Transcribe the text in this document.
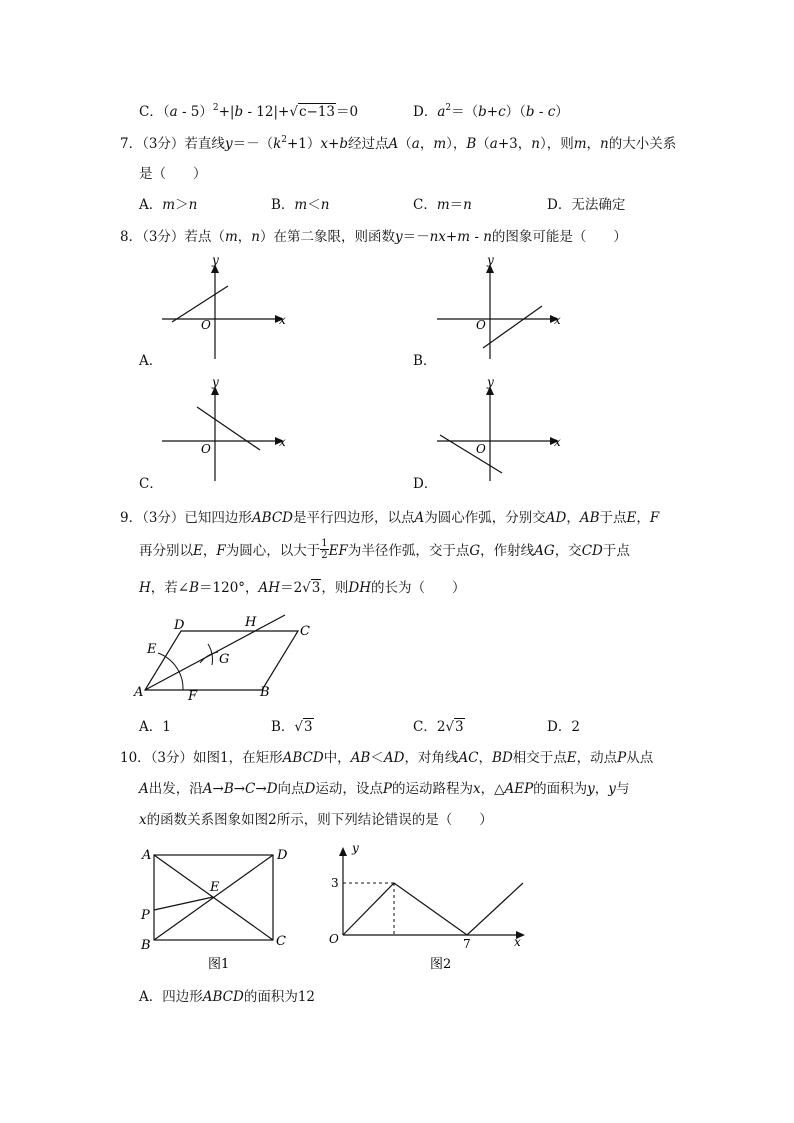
C．（a - 5）$^2$+|b - 12|+√c−13＝0	D．$a^2=(b+c)(b - c)$
7．（3分）若直线$y=-(k^2+1)x+b$经过点A（a，m），B（a+3，n），则m，n的大小关系
是（　　）
A．m＞n	B．m＜n	C．m＝n	D．无法确定
8．（3分）若点（m，n）在第二象限，则函数y＝－nx+m - n的图象可能是（　　）
y
x
O
A．
y
x
O
B．
y
x
O
C．
y
x
O
D．
9．（3分）已知四边形ABCD是平行四边形，以点A为圆心作弧，分别交AD，AB于点E，F
再分别以E，F为圆心，以大于 $\frac{1}{2}$ EF为半径作弧，交于点G，作射线AG，交CD于点
H，若∠B＝120°，AH＝2√3，则DH的长为（　　）
D	H
C
E
G
A	F	B
A．1	B．√3	C．2√3	D．2
10．（3分）如图1，在矩形ABCD中，AB＜AD，对角线AC，BD相交于点E，动点P从点
A出发，沿A→B→C→D向点D运动，设点P的运动路程为x，△AEP的面积为y，y与
x的函数关系图象如图2所示，则下列结论错误的是（　　）
A	D
E
P
B	C
图1
y
3
O	7	x
图2
A．四边形ABCD的面积为12
